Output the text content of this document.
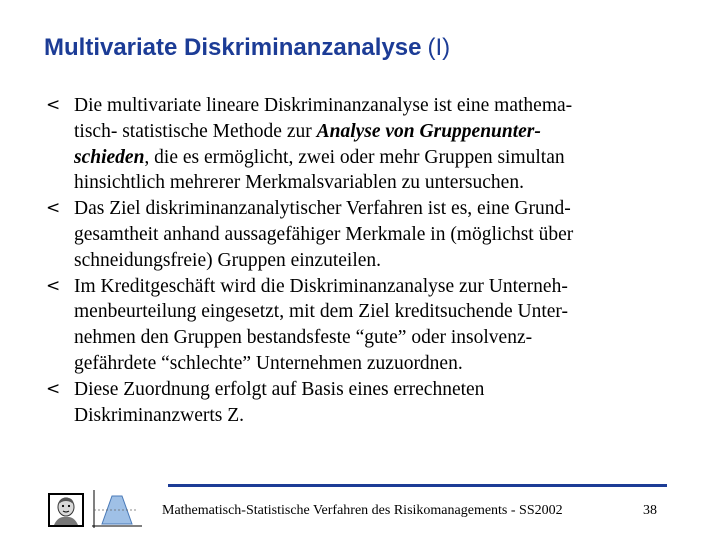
Multivariate Diskriminanzanalyse (I)
< Die multivariate lineare Diskriminanzanalyse ist eine mathema-
tisch- statistische Methode zur Analyse von Gruppenunter-
schieden, die es ermöglicht, zwei oder mehr Gruppen simultan
hinsichtlich mehrerer Merkmalsvariablen zu untersuchen.
< Das Ziel diskriminanzanalytischer Verfahren ist es, eine Grund-
gesamtheit anhand aussagefähiger Merkmale in (möglichst über
schneidungsfreie) Gruppen einzuteilen.
< Im Kreditgeschäft wird die Diskriminanzanalyse zur Unterneh-
menbeurteilung eingesetzt, mit dem Ziel kreditsuchende Unter-
nehmen den Gruppen bestandsfeste “gute” oder insolvenz-
gefährdete “schlechte” Unternehmen zuzuordnen.
< Diese Zuordnung erfolgt auf Basis eines errechneten
Diskriminanzwerts Z.
Mathematisch-Statistische Verfahren des Risikomanagements - SS2002	38
